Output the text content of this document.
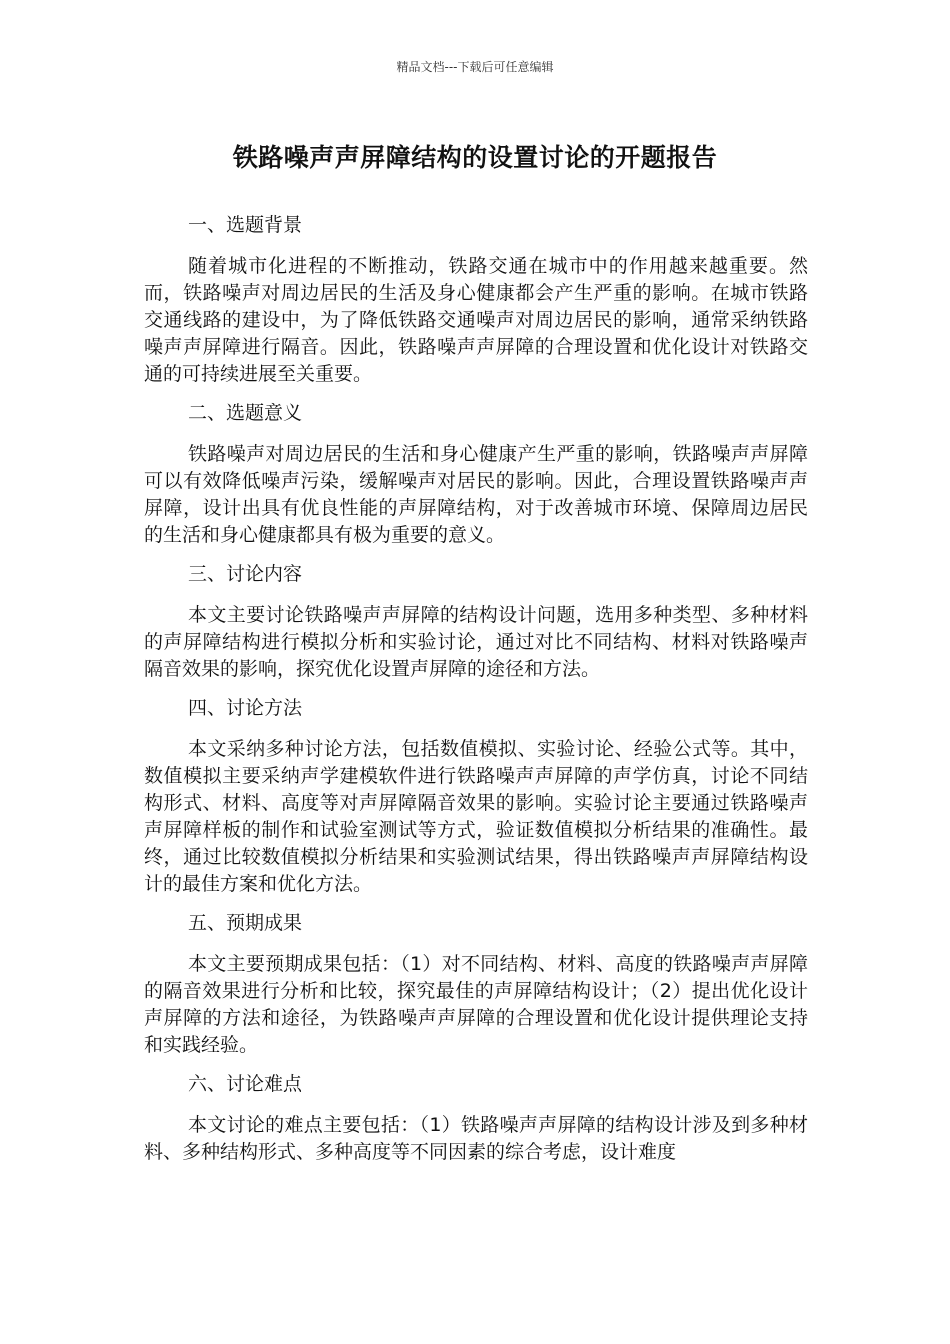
精品文档---下载后可任意编辑
铁路噪声声屏障结构的设置讨论的开题报告
一、选题背景

随着城市化进程的不断推动，铁路交通在城市中的作用越来越重要。然而，铁路噪声对周边居民的生活及身心健康都会产生严重的影响。在城市铁路交通线路的建设中，为了降低铁路交通噪声对周边居民的影响，通常采纳铁路噪声声屏障进行隔音。因此，铁路噪声声屏障的合理设置和优化设计对铁路交通的可持续进展至关重要。

二、选题意义

铁路噪声对周边居民的生活和身心健康产生严重的影响，铁路噪声声屏障可以有效降低噪声污染，缓解噪声对居民的影响。因此，合理设置铁路噪声声屏障，设计出具有优良性能的声屏障结构，对于改善城市环境、保障周边居民的生活和身心健康都具有极为重要的意义。

三、讨论内容

本文主要讨论铁路噪声声屏障的结构设计问题，选用多种类型、多种材料的声屏障结构进行模拟分析和实验讨论，通过对比不同结构、材料对铁路噪声隔音效果的影响，探究优化设置声屏障的途径和方法。

四、讨论方法

本文采纳多种讨论方法，包括数值模拟、实验讨论、经验公式等。其中，数值模拟主要采纳声学建模软件进行铁路噪声声屏障的声学仿真，讨论不同结构形式、材料、高度等对声屏障隔音效果的影响。实验讨论主要通过铁路噪声声屏障样板的制作和试验室测试等方式，验证数值模拟分析结果的准确性。最终，通过比较数值模拟分析结果和实验测试结果，得出铁路噪声声屏障结构设计的最佳方案和优化方法。

五、预期成果

本文主要预期成果包括：（1）对不同结构、材料、高度的铁路噪声声屏障的隔音效果进行分析和比较，探究最佳的声屏障结构设计；（2）提出优化设计声屏障的方法和途径，为铁路噪声声屏障的合理设置和优化设计提供理论支持和实践经验。

六、讨论难点

本文讨论的难点主要包括：（1）铁路噪声声屏障的结构设计涉及到多种材料、多种结构形式、多种高度等不同因素的综合考虑，设计难度
